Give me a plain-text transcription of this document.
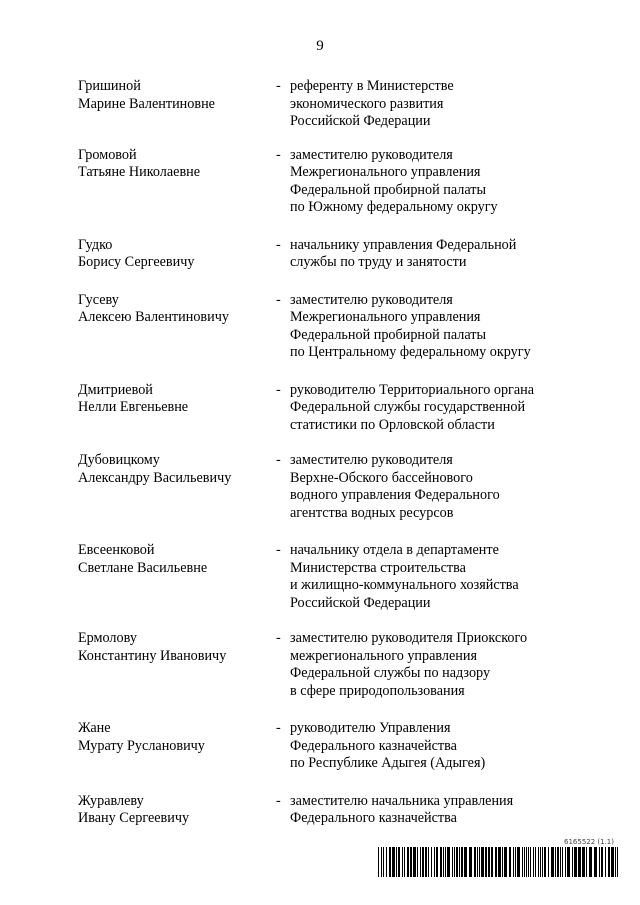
9
Гришиной
Марине Валентиновне
- референту в Министерстве
экономического развития
Российской Федерации
Громовой
Татьяне Николаевне
- заместителю руководителя
Межрегионального управления
Федеральной пробирной палаты
по Южному федеральному округу
Гудко
Борису Сергеевичу
- начальнику управления Федеральной
службы по труду и занятости
Гусеву
Алексею Валентиновичу
- заместителю руководителя
Межрегионального управления
Федеральной пробирной палаты
по Центральному федеральному округу
Дмитриевой
Нелли Евгеньевне
- руководителю Территориального органа
Федеральной службы государственной
статистики по Орловской области
Дубовицкому
Александру Васильевичу
- заместителю руководителя
Верхне-Обского бассейнового
водного управления Федерального
агентства водных ресурсов
Евсеенковой
Светлане Васильевне
- начальнику отдела в департаменте
Министерства строительства
и жилищно-коммунального хозяйства
Российской Федерации
Ермолову
Константину Ивановичу
- заместителю руководителя Приокского
межрегионального управления
Федеральной службы по надзору
в сфере природопользования
Жане
Мурату Руслановичу
- руководителю Управления
Федерального казначейства
по Республике Адыгея (Адыгея)
Журавлеву
Ивану Сергеевичу
- заместителю начальника управления
Федерального казначейства
6165522 (1.1)
